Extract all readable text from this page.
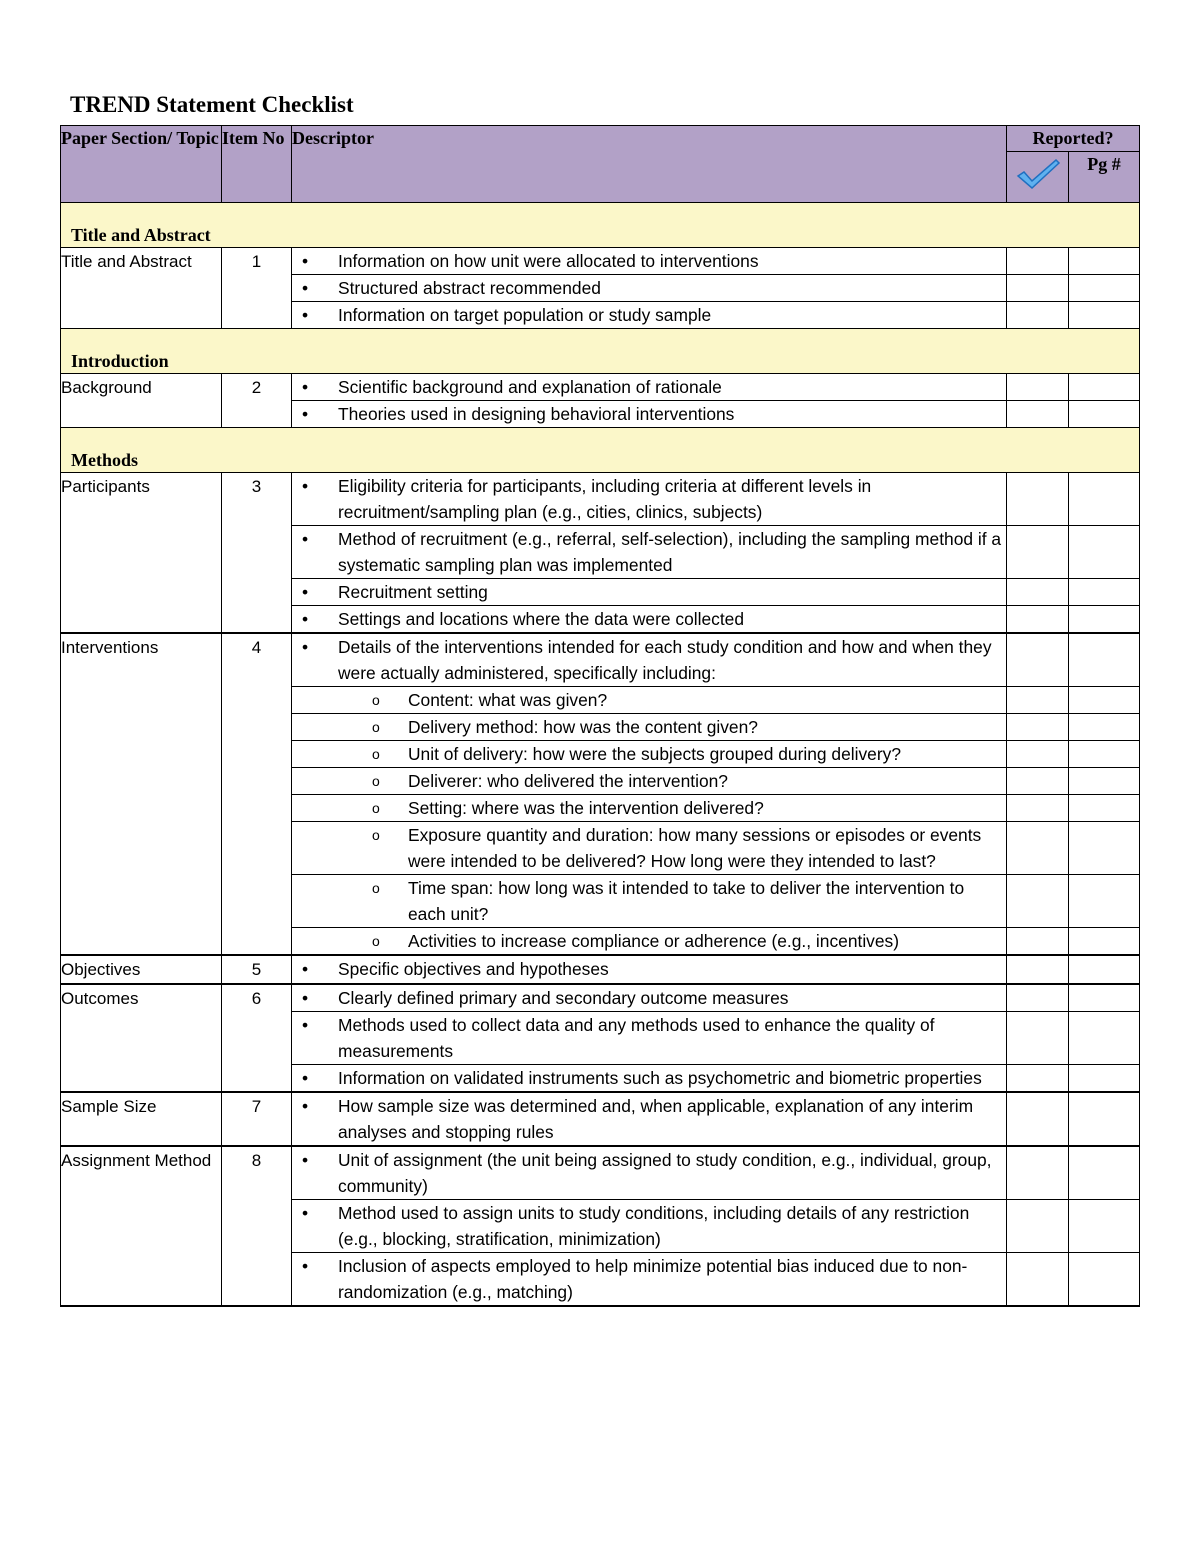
TREND Statement Checklist
Paper Section/ Topic	Item No	Descriptor	Reported?	
	Pg #
Title and Abstract				
Title and Abstract	1	• Information on how unit were allocated to interventions		

		• Structured abstract recommended		

		• Information on target population or study sample		

Introduction				
Background	2	• Scientific background and explanation of rationale		

		• Theories used in designing behavioral interventions		

Methods				
Participants	3	• Eligibility criteria for participants, including criteria at different levels in recruitment/sampling plan (e.g., cities, clinics, subjects)		

		• Method of recruitment (e.g., referral, self-selection), including the sampling method if a systematic sampling plan was implemented		

		• Recruitment setting		

		• Settings and locations where the data were collected		

Interventions	4	• Details of the interventions intended for each study condition and how and when they were actually administered, specifically including:		

		o Content: what was given?		

		o Delivery method: how was the content given?		

		o Unit of delivery: how were the subjects grouped during delivery?		

		o Deliverer: who delivered the intervention?		

		o Setting: where was the intervention delivered?		

		o Exposure quantity and duration: how many sessions or episodes or events were intended to be delivered? How long were they intended to last?		

		o Time span: how long was it intended to take to deliver the intervention to each unit?		

		o Activities to increase compliance or adherence (e.g., incentives)		

Objectives	5	• Specific objectives and hypotheses		

Outcomes	6	• Clearly defined primary and secondary outcome measures		

		• Methods used to collect data and any methods used to enhance the quality of measurements		

		• Information on validated instruments such as psychometric and biometric properties		

Sample Size	7	• How sample size was determined and, when applicable, explanation of any interim analyses and stopping rules		

Assignment Method	8	• Unit of assignment (the unit being assigned to study condition, e.g., individual, group, community)		

		• Method used to assign units to study conditions, including details of any restriction (e.g., blocking, stratification, minimization)		

		• Inclusion of aspects employed to help minimize potential bias induced due to non-randomization (e.g., matching)		
